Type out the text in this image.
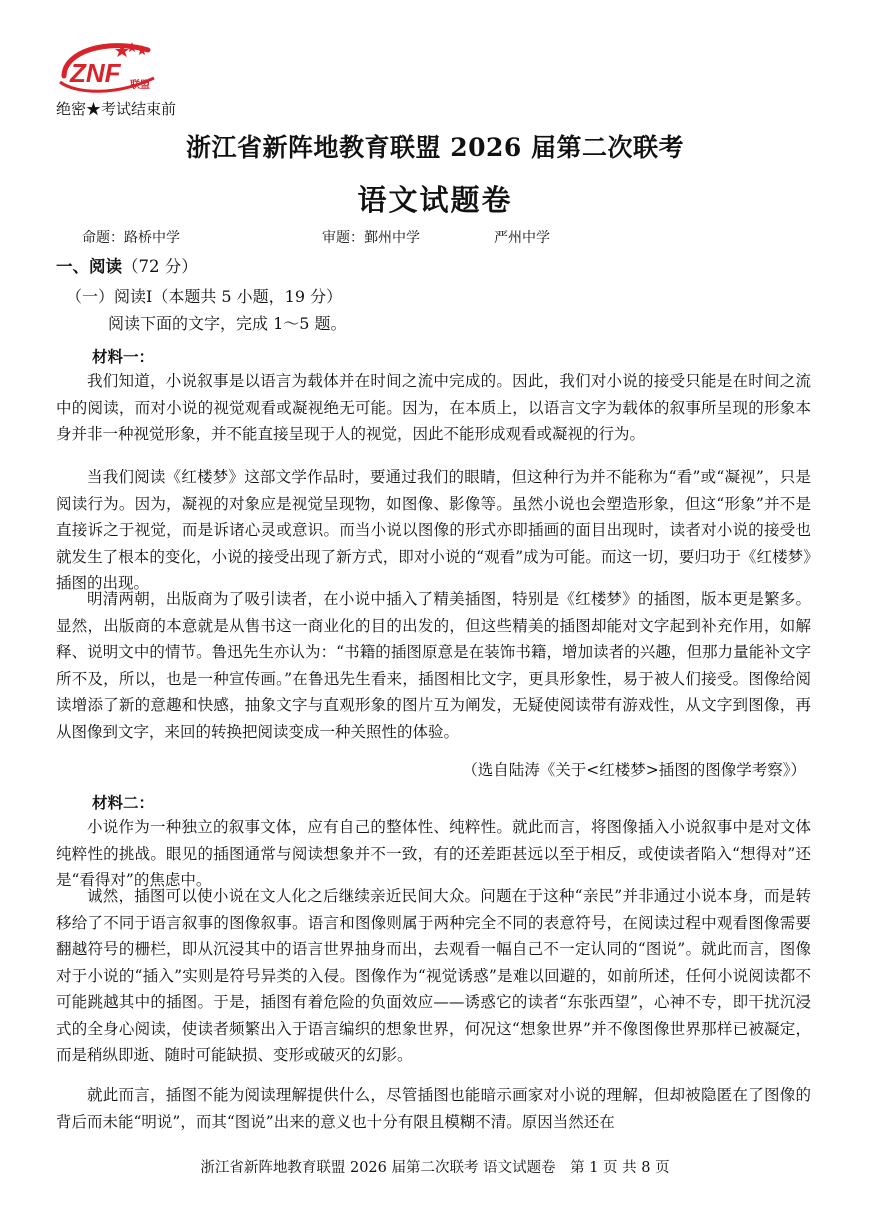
ZNF 联盟
绝密★考试结束前
浙江省新阵地教育联盟 2026 届第二次联考
语文试题卷
命题：路桥中学	审题：鄞州中学	严州中学
一、阅读（72 分）
（一）阅读Ⅰ（本题共 5 小题，19 分）
阅读下面的文字，完成 1～5 题。
材料一：

我们知道，小说叙事是以语言为载体并在时间之流中完成的。因此，我们对小说的接受只能是在时间之流中的阅读，而对小说的视觉观看或凝视绝无可能。因为，在本质上，以语言文字为载体的叙事所呈现的形象本身并非一种视觉形象，并不能直接呈现于人的视觉，因此不能形成观看或凝视的行为。

当我们阅读《红楼梦》这部文学作品时，要通过我们的眼睛，但这种行为并不能称为“看”或“凝视”，只是阅读行为。因为，凝视的对象应是视觉呈现物，如图像、影像等。虽然小说也会塑造形象，但这“形象”并不是直接诉之于视觉，而是诉诸心灵或意识。而当小说以图像的形式亦即插画的面目出现时，读者对小说的接受也就发生了根本的变化，小说的接受出现了新方式，即对小说的“观看”成为可能。而这一切，要归功于《红楼梦》插图的出现。

明清两朝，出版商为了吸引读者，在小说中插入了精美插图，特别是《红楼梦》的插图，版本更是繁多。显然，出版商的本意就是从售书这一商业化的目的出发的，但这些精美的插图却能对文字起到补充作用，如解释、说明文中的情节。鲁迅先生亦认为：“书籍的插图原意是在装饰书籍，增加读者的兴趣，但那力量能补文字所不及，所以，也是一种宣传画。”在鲁迅先生看来，插图相比文字，更具形象性，易于被人们接受。图像给阅读增添了新的意趣和快感，抽象文字与直观形象的图片互为阐发，无疑使阅读带有游戏性，从文字到图像，再从图像到文字，来回的转换把阅读变成一种关照性的体验。

（选自陆涛《关于<红楼梦>插图的图像学考察》）
材料二：

小说作为一种独立的叙事文体，应有自己的整体性、纯粹性。就此而言，将图像插入小说叙事中是对文体纯粹性的挑战。眼见的插图通常与阅读想象并不一致，有的还差距甚远以至于相反，或使读者陷入“想得对”还是“看得对”的焦虑中。

诚然，插图可以使小说在文人化之后继续亲近民间大众。问题在于这种“亲民”并非通过小说本身，而是转移给了不同于语言叙事的图像叙事。语言和图像则属于两种完全不同的表意符号，在阅读过程中观看图像需要翻越符号的栅栏，即从沉浸其中的语言世界抽身而出，去观看一幅自己不一定认同的“图说”。就此而言，图像对于小说的“插入”实则是符号异类的入侵。图像作为“视觉诱惑”是难以回避的，如前所述，任何小说阅读都不可能跳越其中的插图。于是，插图有着危险的负面效应——诱惑它的读者“东张西望”，心神不专，即干扰沉浸式的全身心阅读，使读者频繁出入于语言编织的想象世界，何况这“想象世界”并不像图像世界那样已被凝定，而是稍纵即逝、随时可能缺损、变形或破灭的幻影。

就此而言，插图不能为阅读理解提供什么，尽管插图也能暗示画家对小说的理解，但却被隐匿在了图像的背后而未能“明说”，而其“图说”出来的意义也十分有限且模糊不清。原因当然还在

浙江省新阵地教育联盟 2026 届第二次联考 语文试题卷　第 1 页 共 8 页
